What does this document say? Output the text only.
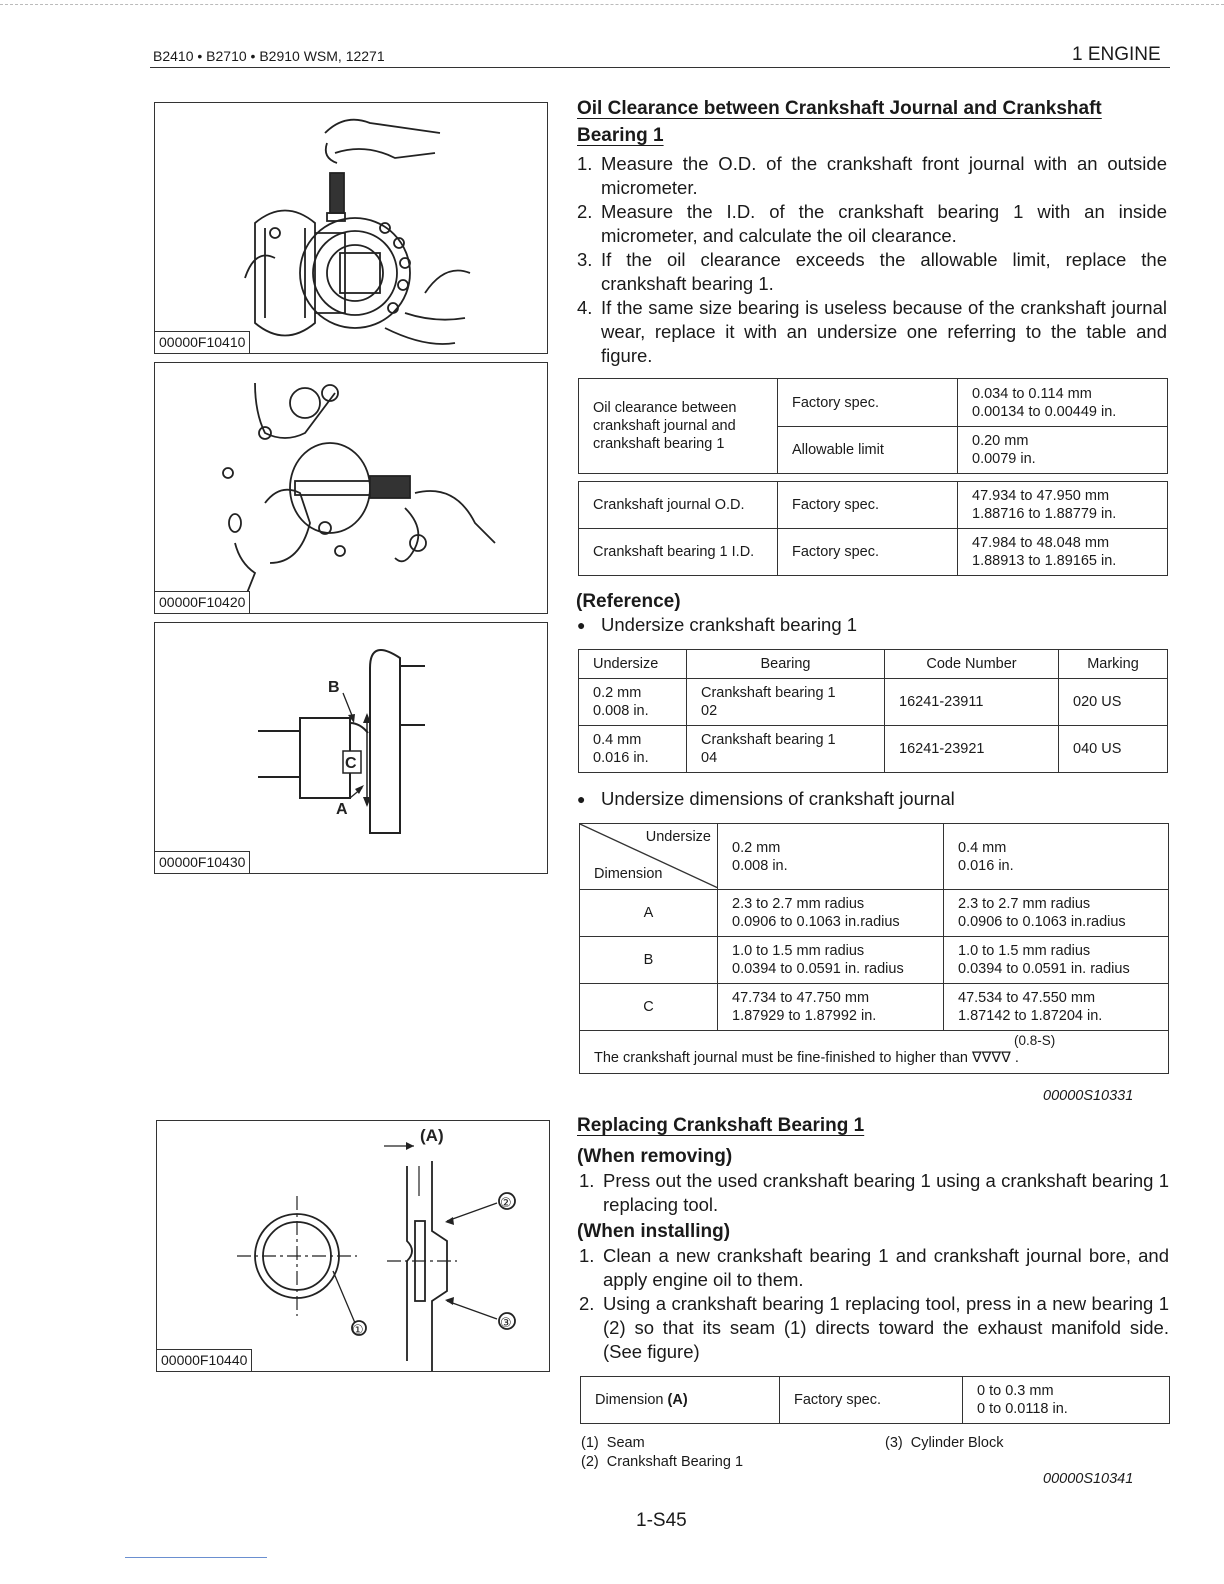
B2410 • B2710 • B2910 WSM, 12271	1 ENGINE
00000F10410
00000F10420
B
C
A
00000F10430
(A)
②
①	③
00000F10440
Oil Clearance between Crankshaft Journal and Crankshaft
Bearing 1
1. Measure the O.D. of the crankshaft front journal with an outside micrometer.
2. Measure the I.D. of the crankshaft bearing 1 with an inside micrometer, and calculate the oil clearance.
3. If the oil clearance exceeds the allowable limit, replace the crankshaft bearing 1.
4. If the same size bearing is useless because of the crankshaft journal wear, replace it with an undersize one referring to the table and figure.
Oil clearance between
crankshaft journal and
crankshaft bearing 1	Factory spec.	0.034 to 0.114 mm
0.00134 to 0.00449 in.
	Allowable limit	0.20 mm
0.0079 in.
Crankshaft journal O.D.	Factory spec.	47.934 to 47.950 mm
1.88716 to 1.88779 in.
Crankshaft bearing 1 I.D.	Factory spec.	47.984 to 48.048 mm
1.88913 to 1.89165 in.
(Reference)
● Undersize crankshaft bearing 1
Undersize	Bearing	Code Number	Marking
0.2 mm
0.008 in.	Crankshaft bearing 1
02	16241-23911	020 US
0.4 mm
0.016 in.	Crankshaft bearing 1
04	16241-23921	040 US
● Undersize dimensions of crankshaft journal
Undersize
Dimension	0.2 mm
0.008 in.	0.4 mm
0.016 in.
A	2.3 to 2.7 mm radius
0.0906 to 0.1063 in.radius	2.3 to 2.7 mm radius
0.0906 to 0.1063 in.radius
B	1.0 to 1.5 mm radius
0.0394 to 0.0591 in. radius	1.0 to 1.5 mm radius
0.0394 to 0.0591 in. radius
C	47.734 to 47.750 mm
1.87929 to 1.87992 in.	47.534 to 47.550 mm
1.87142 to 1.87204 in.

(0.8-S)
The crankshaft journal must be fine-finished to higher than ∇∇∇∇ .		
00000S10331
Replacing Crankshaft Bearing 1
(When removing)
1. Press out the used crankshaft bearing 1 using a crankshaft bearing 1 replacing tool.
(When installing)
1. Clean a new crankshaft bearing 1 and crankshaft journal bore, and apply engine oil to them.
2. Using a crankshaft bearing 1 replacing tool, press in a new bearing 1 (2) so that its seam (1) directs toward the exhaust manifold side. (See figure)
Dimension (A)	Factory spec.	0 to 0.3 mm
0 to 0.0118 in.
(1) Seam
(2) Crankshaft Bearing 1
(3) Cylinder Block
00000S10341
1-S45
